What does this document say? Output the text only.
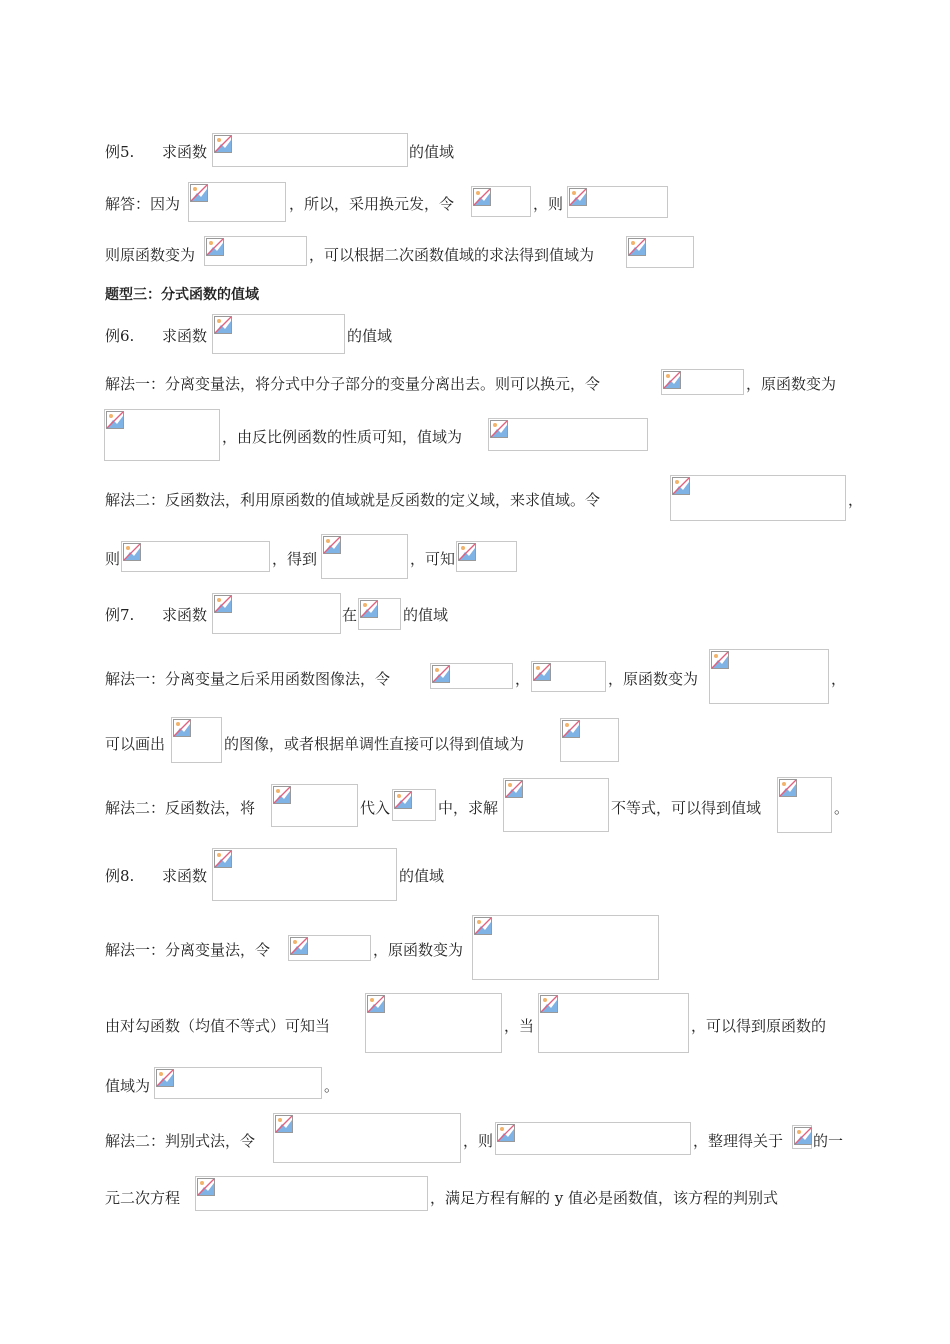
例5. 求函数	的值域
解答：因为	，所以，采用换元发，令	，则
则原函数变为	，可以根据二次函数值域的求法得到值域为
题型三：分式函数的值域
例6. 求函数	的值域
解法一：分离变量法，将分式中分子部分的变量分离出去。则可以换元，令	，原函数变为
，由反比例函数的性质可知，值域为
解法二：反函数法，利用原函数的值域就是反函数的定义域，来求值域。令	，
则	，得到	，可知
例7. 求函数	在	的值域
解法一：分离变量之后采用函数图像法，令	，	，原函数变为	，
可以画出	的图像，或者根据单调性直接可以得到值域为
解法二：反函数法，将	代入	中，求解	不等式，可以得到值域	。
例8. 求函数	的值域
解法一：分离变量法，令	，原函数变为
由对勾函数（均值不等式）可知当	，当	，可以得到原函数的
值域为	。
解法二：判别式法，令	，则	，整理得关于 的一
元二次方程	，满足方程有解的 y 值必是函数值，该方程的判别式
